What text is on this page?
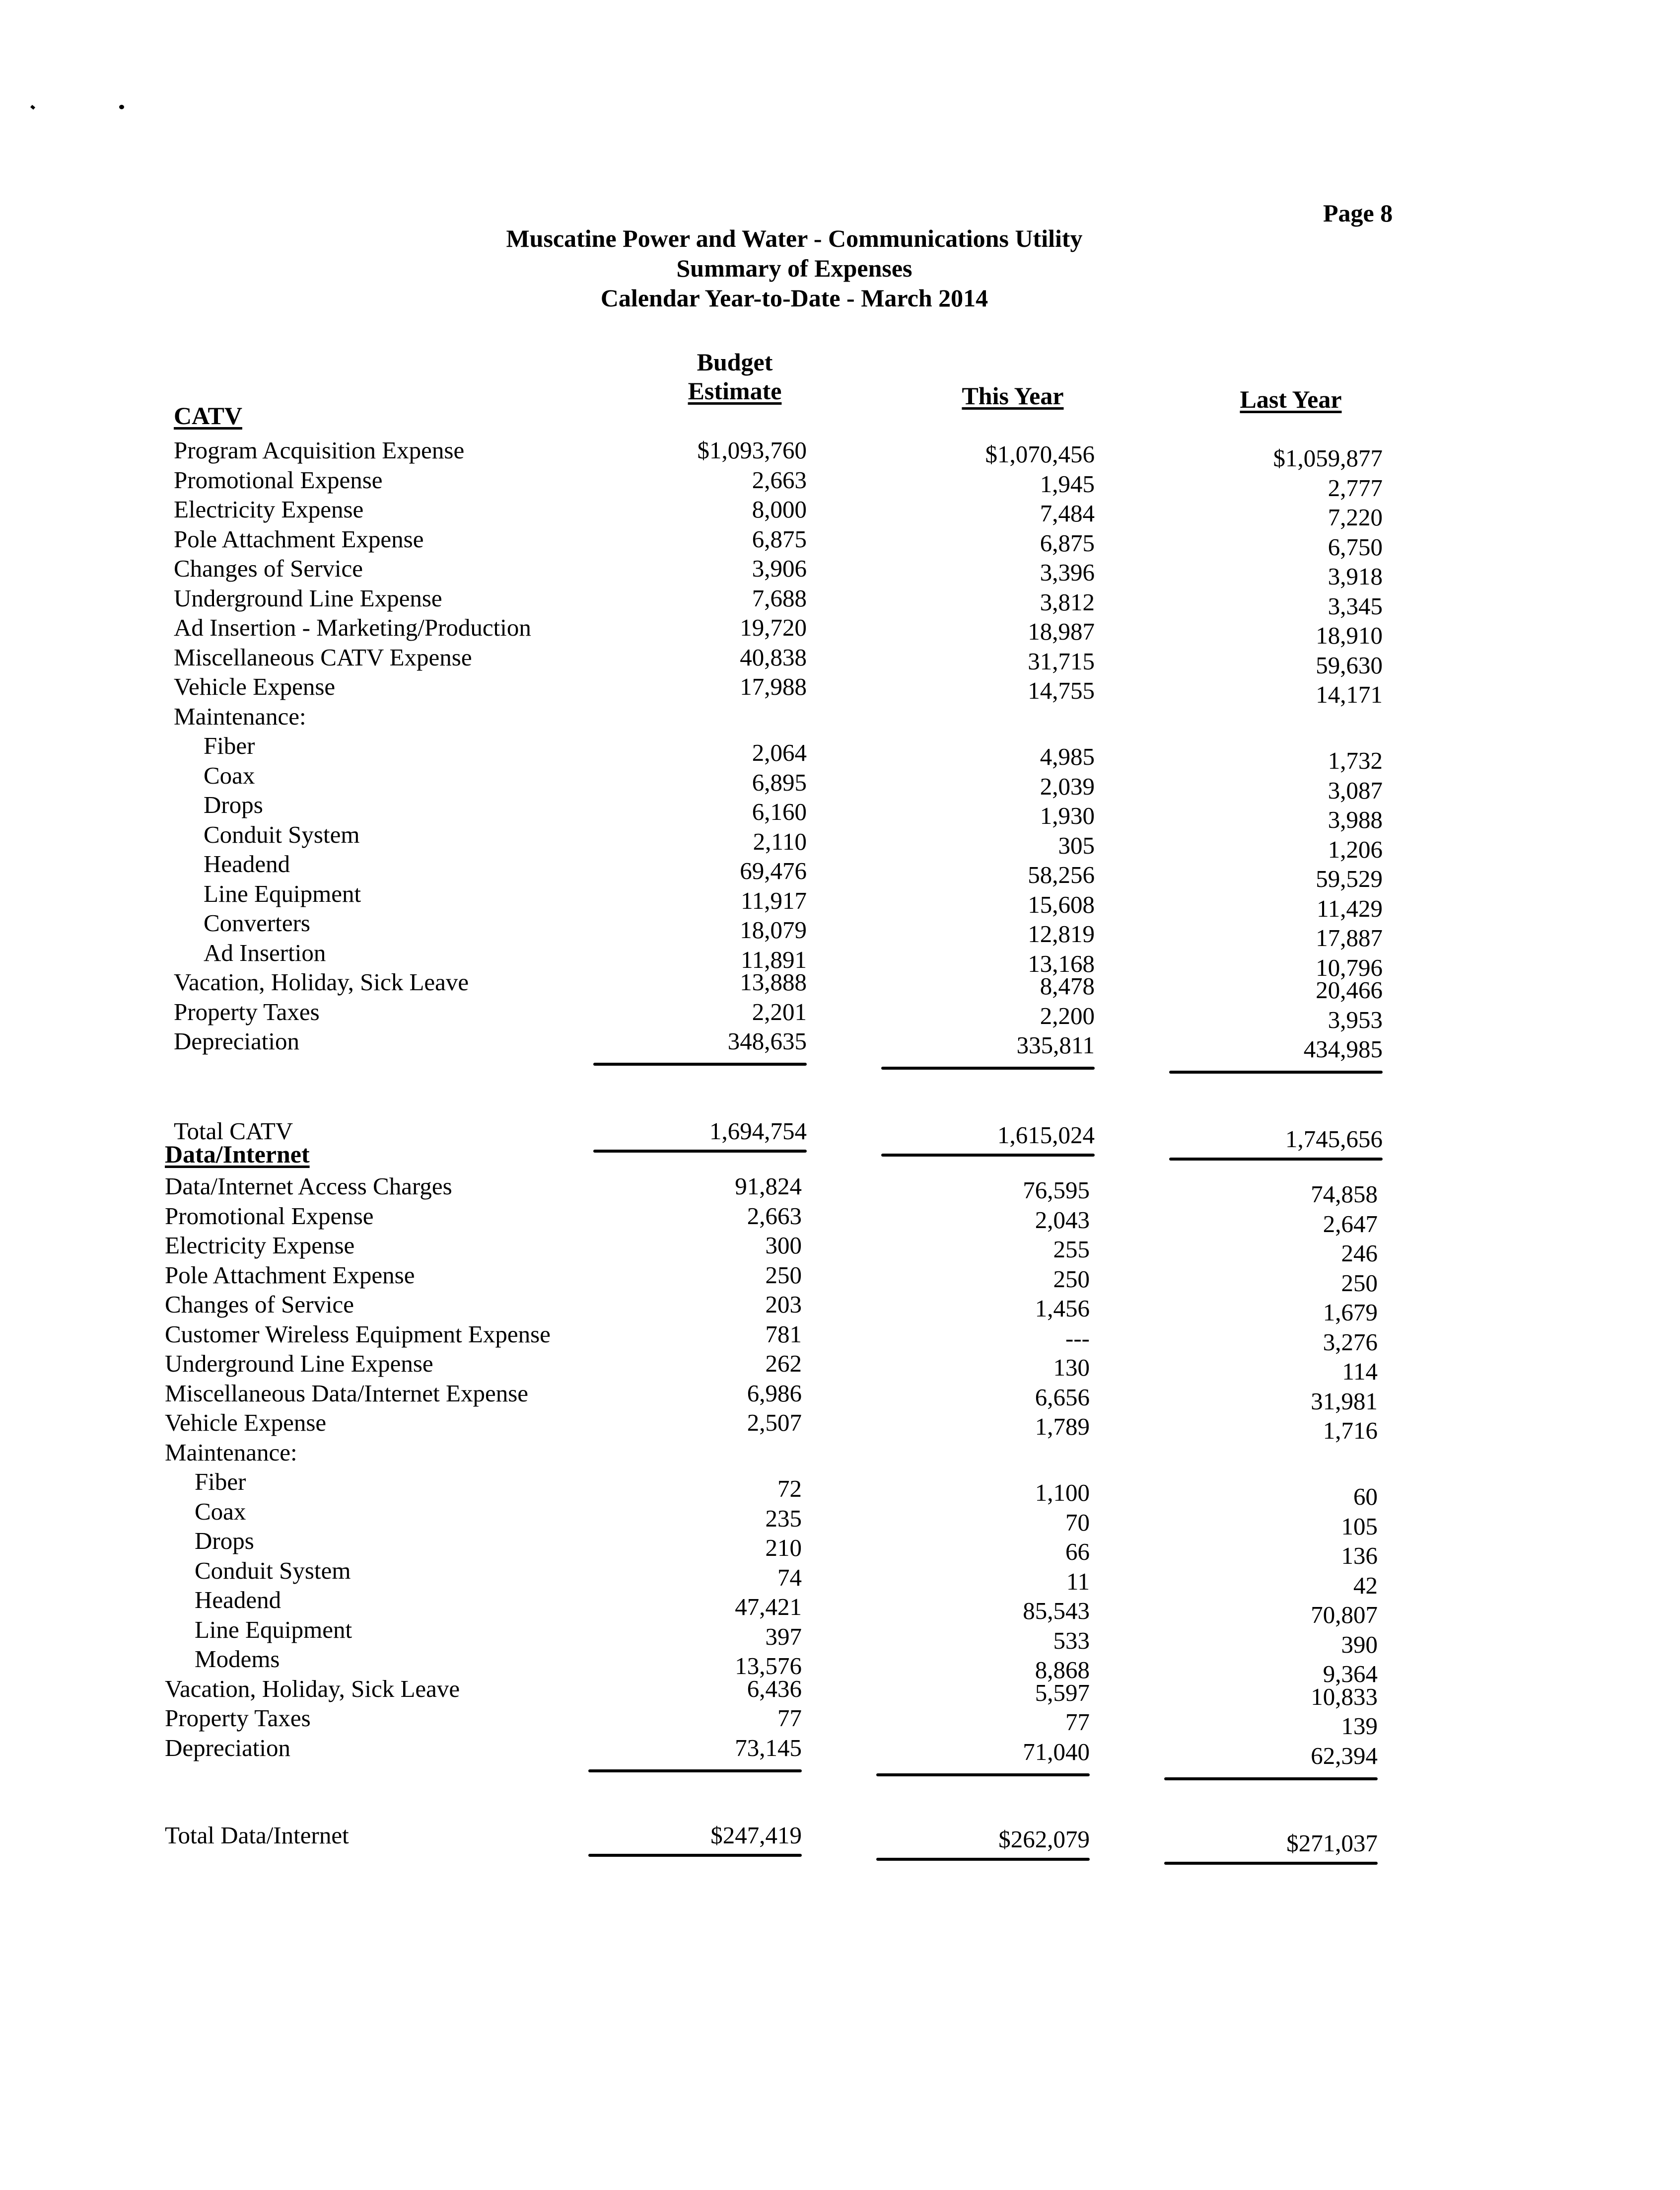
Page 8
Muscatine Power and Water - Communications Utility
Summary of Expenses
Calendar Year-to-Date - March 2014
Budget
Estimate	This Year	Last Year
CATV
Program Acquisition Expense	$1,093,760	$1,070,456	$1,059,877
Promotional Expense	2,663	1,945	2,777
Electricity Expense	8,000	7,484	7,220
Pole Attachment Expense	6,875	6,875	6,750
Changes of Service	3,906	3,396	3,918
Underground Line Expense	7,688	3,812	3,345
Ad Insertion - Marketing/Production	19,720	18,987	18,910
Miscellaneous CATV Expense	40,838	31,715	59,630
Vehicle Expense	17,988	14,755	14,171
Maintenance:
Fiber	2,064	4,985	1,732
Coax	6,895	2,039	3,087
Drops	6,160	1,930	3,988
Conduit System	2,110	305	1,206
Headend	69,476	58,256	59,529
Line Equipment	11,917	15,608	11,429
Converters	18,079	12,819	17,887
Ad Insertion	11,891	13,168	10,796
Vacation, Holiday, Sick Leave	13,888	8,478	20,466
Property Taxes	2,201	2,200	3,953
Depreciation	348,635	335,811	434,985
Total CATV	1,694,754	1,615,024	1,745,656
Data/Internet
Data/Internet Access Charges	91,824	76,595	74,858
Promotional Expense	2,663	2,043	2,647
Electricity Expense	300	255	246
Pole Attachment Expense	250	250	250
Changes of Service	203	1,456	1,679
Customer Wireless Equipment Expense	781	---	3,276
Underground Line Expense	262	130	114
Miscellaneous Data/Internet Expense	6,986	6,656	31,981
Vehicle Expense	2,507	1,789	1,716
Maintenance:
Fiber	72	1,100	60
Coax	235	70	105
Drops	210	66	136
Conduit System	74	11	42
Headend	47,421	85,543	70,807
Line Equipment	397	533	390
Modems	13,576	8,868	9,364
Vacation, Holiday, Sick Leave	6,436	5,597	10,833
Property Taxes	77	77	139
Depreciation	73,145	71,040	62,394
Total Data/Internet	$247,419	$262,079	$271,037
